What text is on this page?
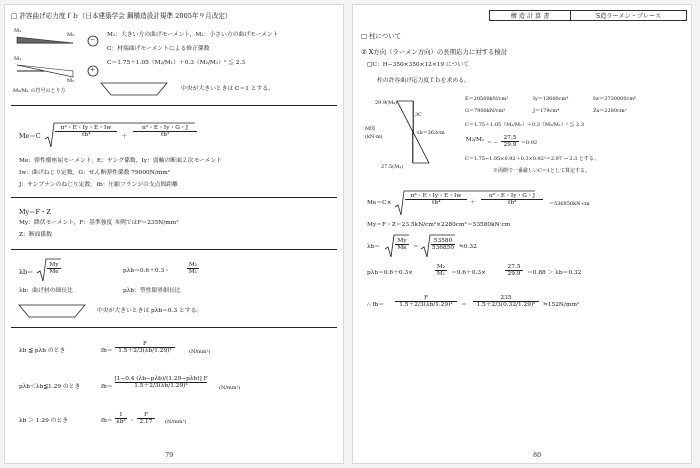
□ 許容曲げ応力度ｆｂ（日本建築学会 鋼構造設計規準 2005年９月改定）
M₁
M₂
M₁
M₂
−
+
M₂/M₁ の符号のとり方
M₁：大きい方の曲げモーメント，M₂：小さい方の曲げモーメント
C：材端曲げモーメントによる修正係数
C＝1.75＋1.05（M₂/M₁）＋0.3（M₂/M₁）² ≦ 2.3
中央が大きいときは C＝1 とする。
Me＝C
π⁴・E・Iy・E・Iw
ℓb⁴	＋
π²・E・Iy・G・J
ℓb²
Me：弾性横座屈モーメント，E：ヤング係数，Iy：弱軸の断面２次モーメント
Iw：曲げねじり定数，G：せん断弾性係数 79000N/mm²
J：サンブナンのねじり定数，ℓb：圧縮フランジの支点間距離
My＝F・Z
My：降伏モーメント，F：基準強度 本例ではF＝235N/mm²
Z：断面係数
λb＝
My
Me	pλb＝0.6＋0.3・
M₂
M₁
λb：曲げ材の細長比	pλb：塑性限界細長比
中央が大きいときは pλb＝0.3 とする。
λb ≦ pλb のとき	fb＝
F
1.5＋2/3(λb/1.29)²	(N/mm²)
pλb＜λb≦1.29 のとき	fb＝
[1−0.4 (λb−pλb)/(1.29−pλb)] F
1.5＋2/3(λb/1.29)²	(N/mm²)
λb ＞ 1.29 のとき	fb＝
1
λb² ・
F
2.17	(N/mm²)
79
構 造 計 算 書	S造ラーメン・ブレース
□ 柱について
② X方向（ラーメン方向）の長期応力に対する検討
□C：H−350×350×12×19 について
柱の許容曲げ応力度ｆｂを求める。
29.9(M₂)
3C
M図
(kN·m)
ℓb＝363cm
27.5(M₁)
E＝20500kN/cm²	Iy＝13600cm⁴	Iw＝3730000cm⁶
G＝7900kN/cm²	J＝179cm⁴	Zx＝2280cm³
C＝1.75＋1.05（M₂/M₁）＋0.3（M₂/M₁）² ≦ 2.3
M₂/M₁ ＝ −
27.5
29.9 ＝0.92
C＝1.75−1.05×0.92＋0.3×0.92²＝2.97 → 2.3 とする。
※両側で一番厳しいC＝1として算定する。
Me＝C×
π⁴・E・Iy・E・Iw
ℓb⁴	＋
π²・E・Iy・G・J
ℓb²	＝536850kN·cm
My＝F・Z＝23.5kN/cm²×2280cm³＝53580kN·cm
λb＝
My
Me ＝
53580
536850 ≒0.32
pλb＝0.6＋0.3×
M₂
M₁ ＝0.6＋0.3×
27.5
29.9 ＝0.88 ＞ λb＝0.32
∴ fb＝
F
1.5＋2/3(λb/1.29)² ＝
235
1.5＋2/3(0.32/1.29)² ≒152N/mm²
80
